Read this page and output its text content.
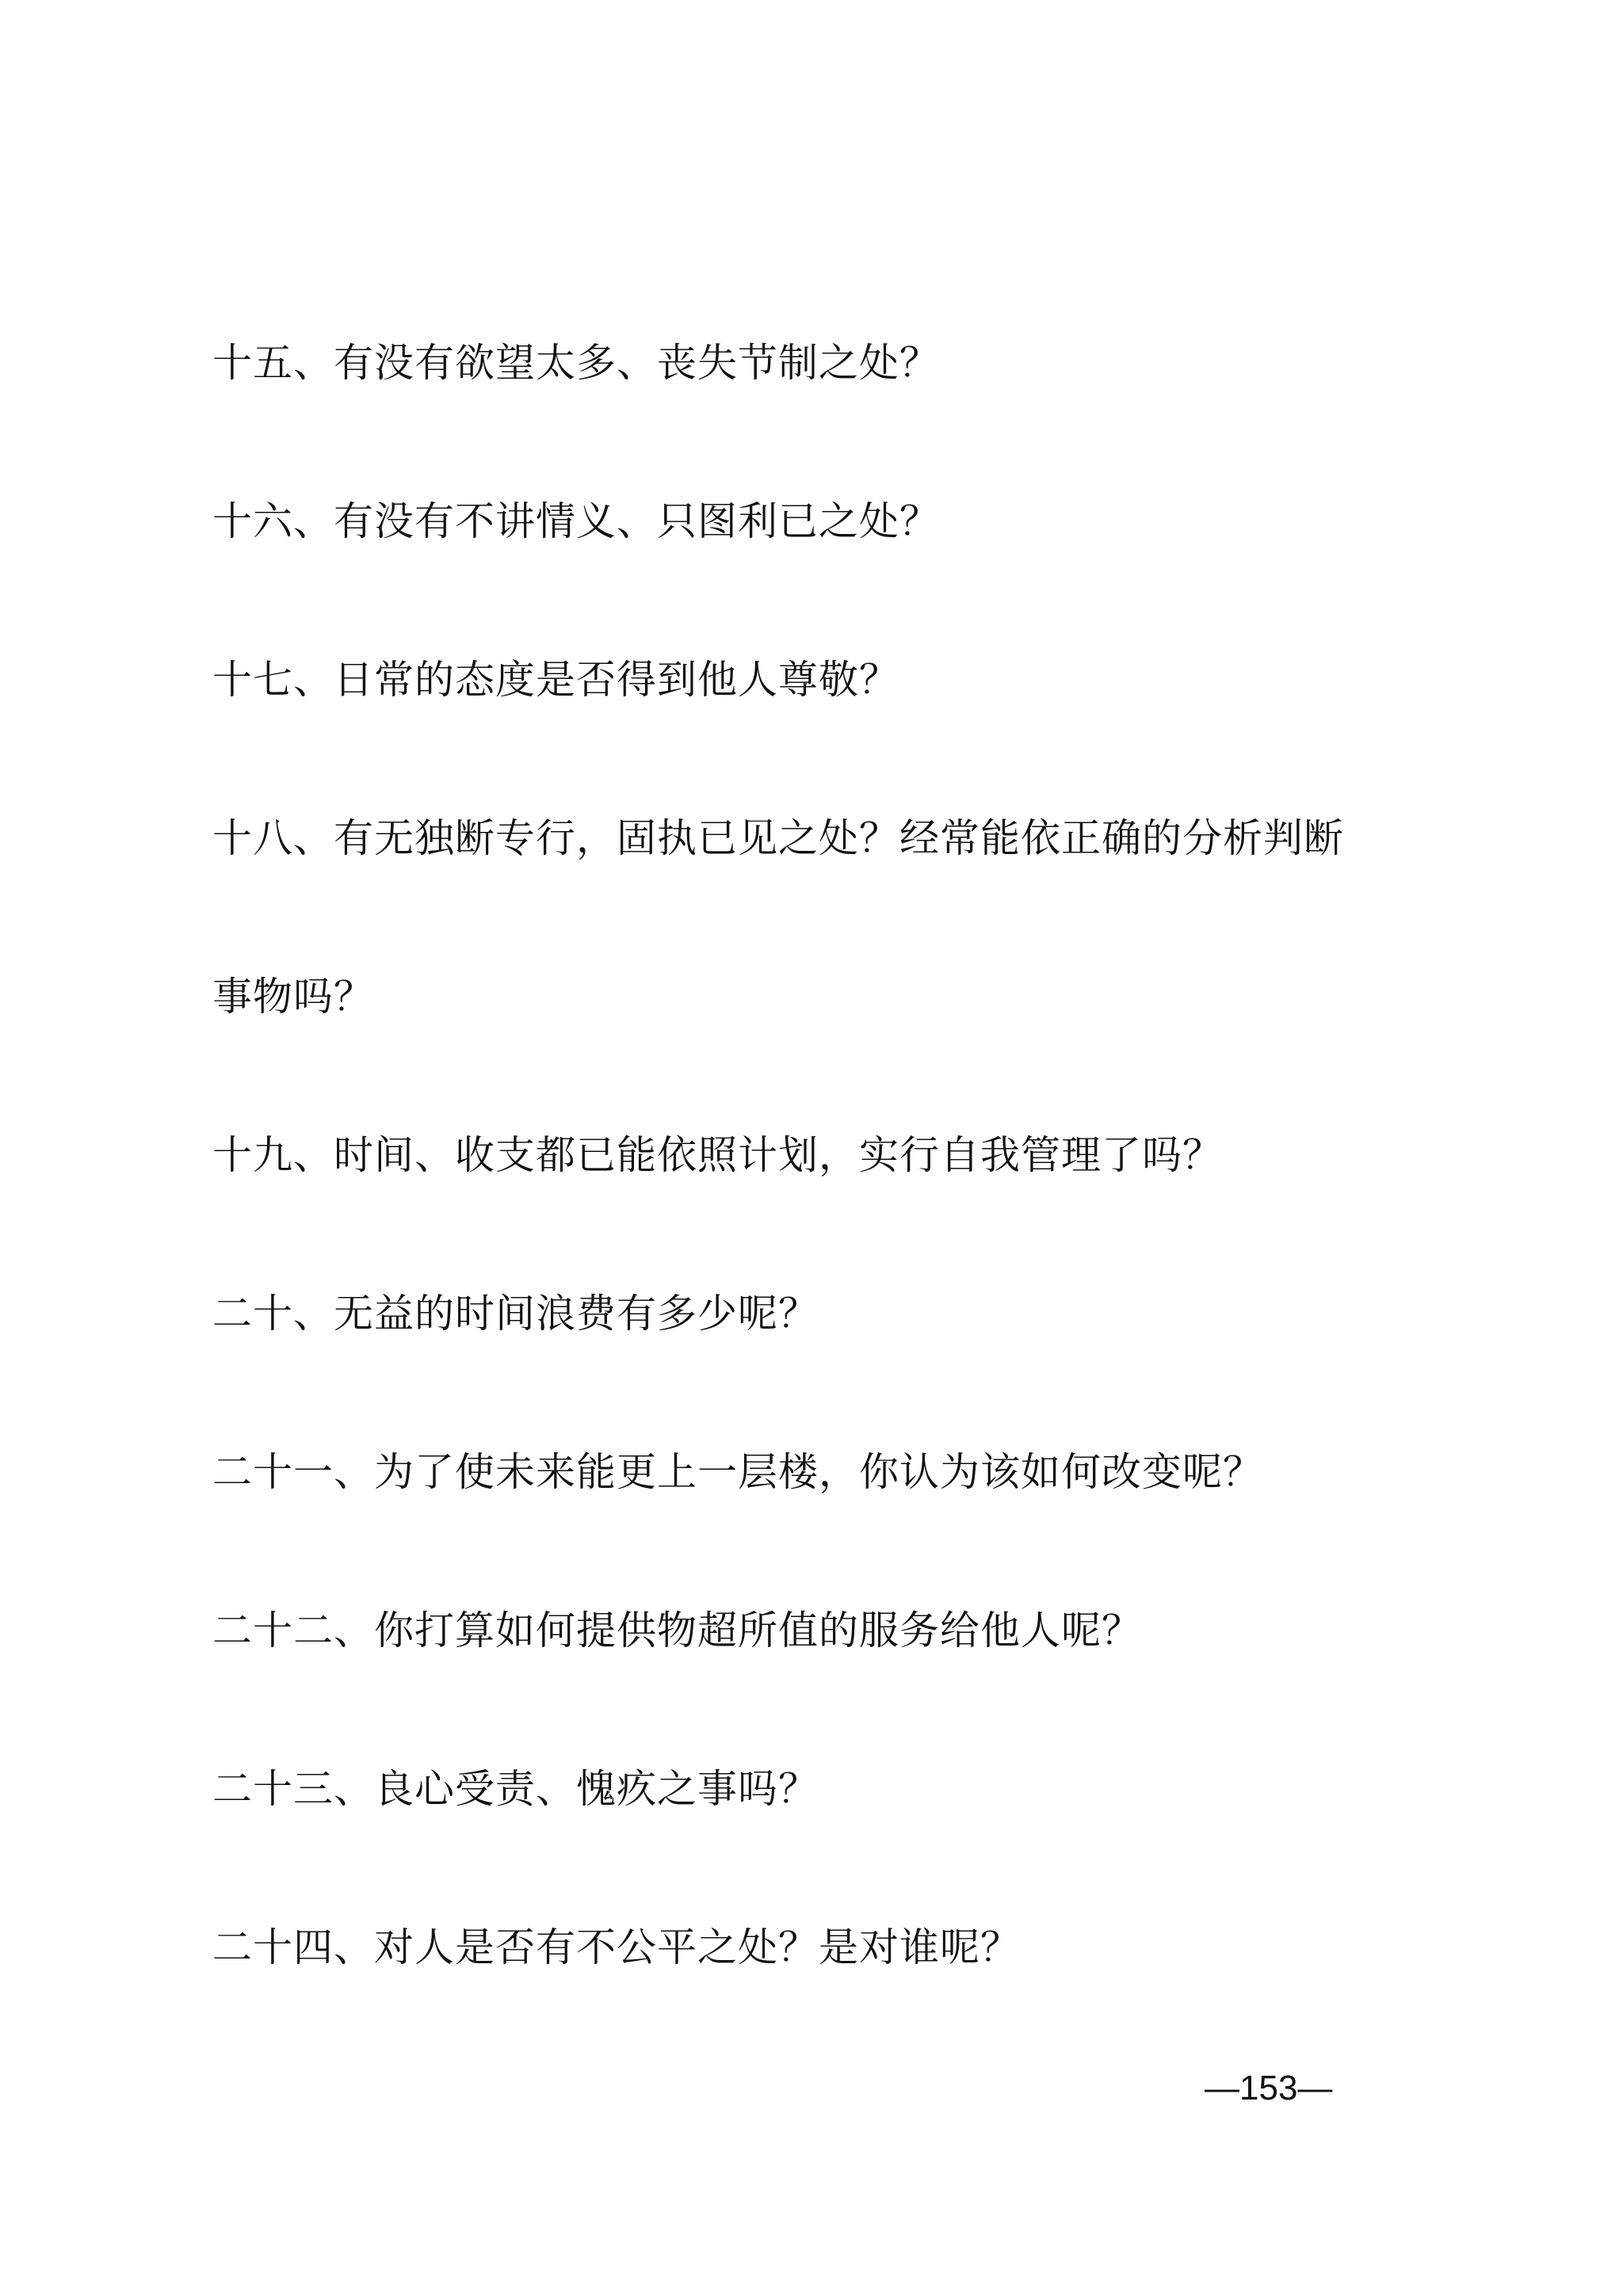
十五、有没有欲望太多、丧失节制之处？
十六、有没有不讲情义、只图利已之处？
十七、日常的态度是否得到他人尊敬？
十八、有无独断专行，固执已见之处？经常能依正确的分析判断
事物吗？
十九、时间、收支都已能依照计划，实行自我管理了吗？
二十、无益的时间浪费有多少呢？
二十一、为了使未来能更上一层楼，你认为该如何改变呢？
二十二、你打算如何提供物超所值的服务给他人呢？
二十三、良心受责、愧疚之事吗？
二十四、对人是否有不公平之处？是对谁呢？
—153—
